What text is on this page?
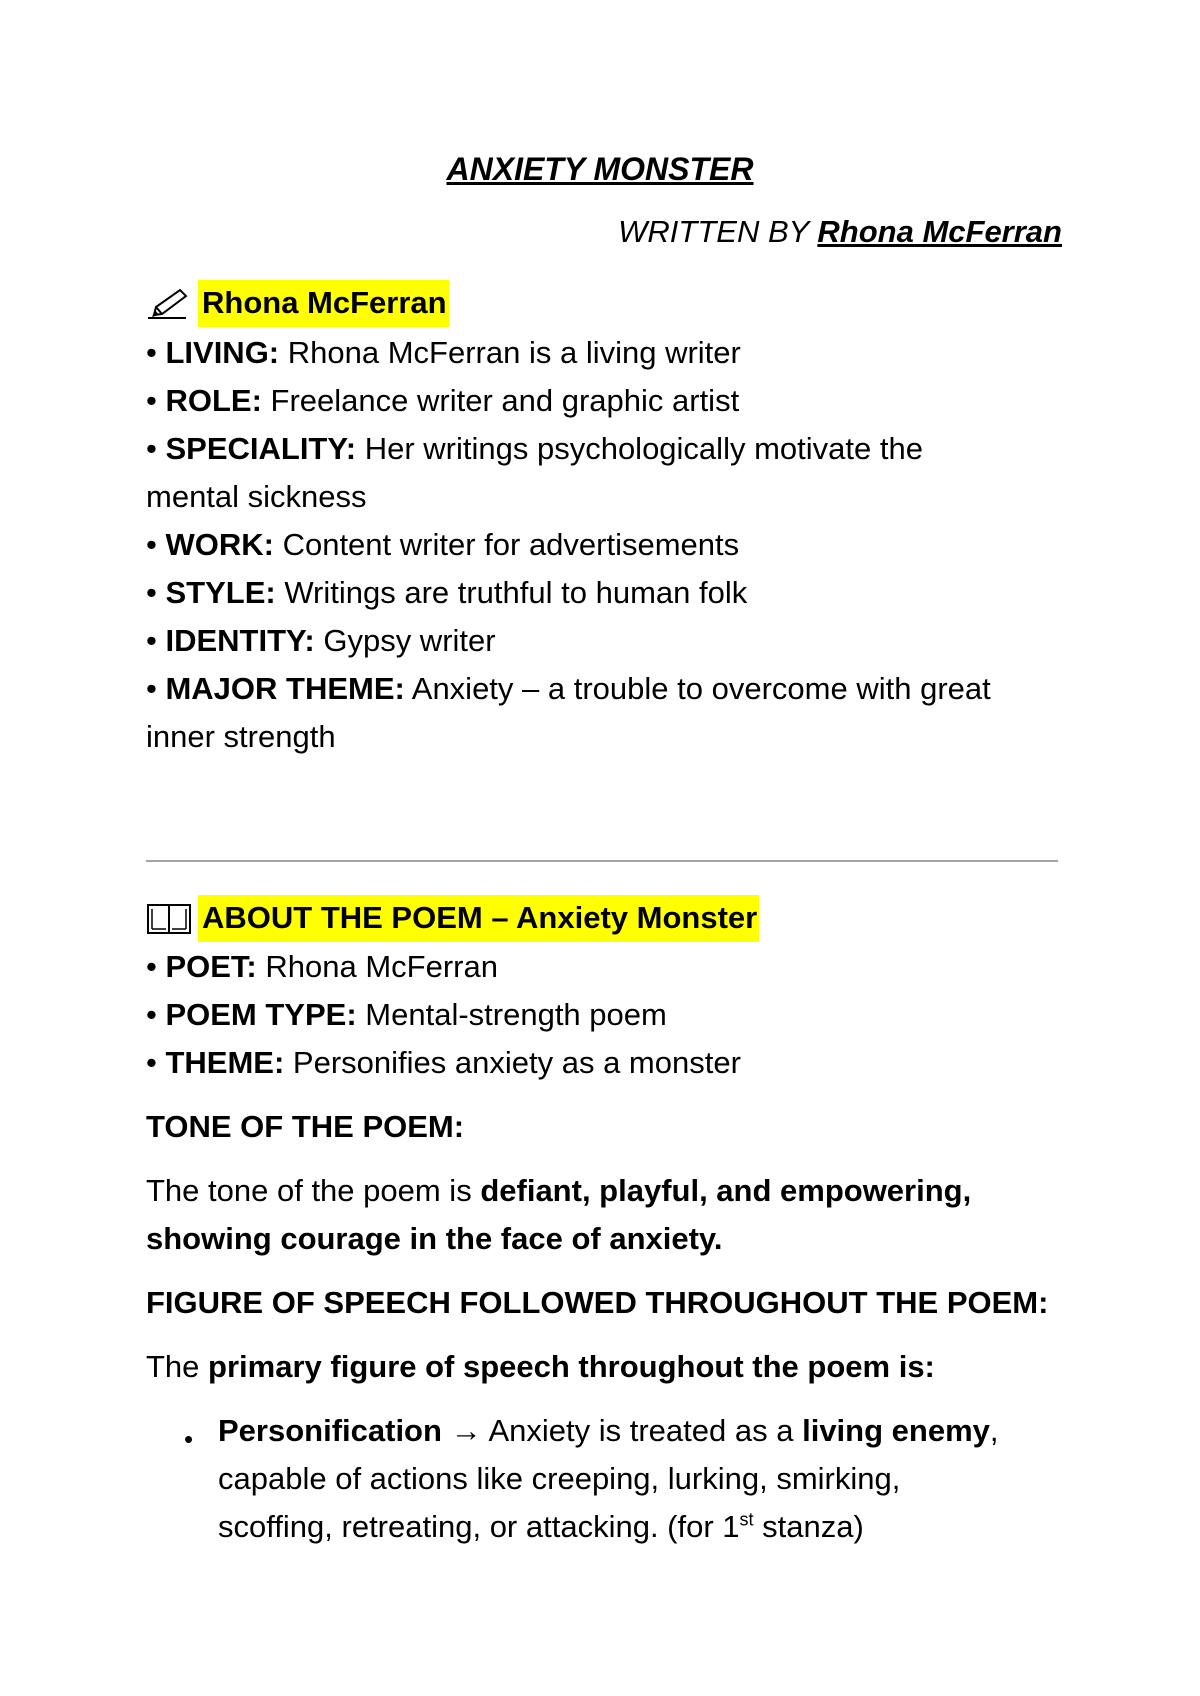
ANXIETY MONSTER
WRITTEN BY Rhona McFerran
Rhona McFerran
• LIVING: Rhona McFerran is a living writer
• ROLE: Freelance writer and graphic artist
• SPECIALITY: Her writings psychologically motivate the
mental sickness
• WORK: Content writer for advertisements
• STYLE: Writings are truthful to human folk
• IDENTITY: Gypsy writer
• MAJOR THEME: Anxiety – a trouble to overcome with great
inner strength
ABOUT THE POEM – Anxiety Monster
• POET: Rhona McFerran
• POEM TYPE: Mental-strength poem
• THEME: Personifies anxiety as a monster
TONE OF THE POEM:
The tone of the poem is defiant, playful, and empowering,
showing courage in the face of anxiety.
FIGURE OF SPEECH FOLLOWED THROUGHOUT THE POEM:
The primary figure of speech throughout the poem is:
• Personification → Anxiety is treated as a living enemy,
capable of actions like creeping, lurking, smirking,
scoffing, retreating, or attacking. (for 1st stanza)
